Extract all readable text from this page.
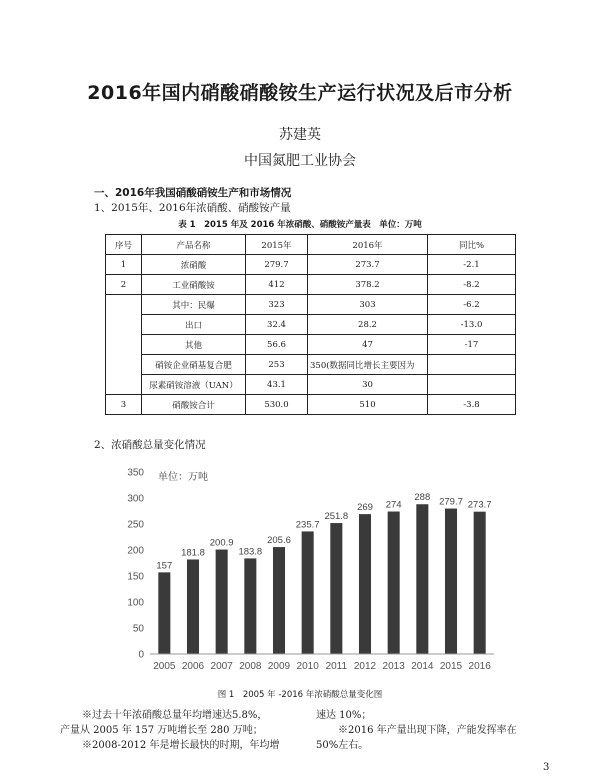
2016年国内硝酸硝酸铵生产运行状况及后市分析
苏建英
中国氮肥工业协会
一、2016年我国硝酸硝铵生产和市场情况
1、2015年、2016年浓硝酸、硝酸铵产量
表 1　2015 年及 2016 年浓硝酸、硝酸铵产量表　单位：万吨
序号	产品名称	2015年	2016年	同比%
1	浓硝酸	279.7	273.7	-2.1
2	工业硝酸铵	412	378.2	-8.2
	其中：民爆	323	303	-6.2
	出口	32.4	28.2	-13.0
	其他	56.6	47	-17
	硝铵企业硝基复合肥	253	350(数据同比增长主要因为	
	尿素硝铵溶液（UAN）	43.1	30	
3	硝酸铵合计	530.0	510	-3.8
2、浓硝酸总量变化情况
0
50
100
150
200
250
300
350
157
181.8
200.9
183.8
205.6
235.7
251.8
269 274
288 279.7 273.7
2005 2006 2007 2008 2009 2010 2011 2012 2013 2014 2015 2016
单位：万吨
图 1　2005 年 -2016 年浓硝酸总量变化图

※过去十年浓硝酸总量年均增速达5.8%，

产量从 2005 年 157 万吨增长至 280 万吨；

※2008-2012 年是增长最快的时期，年均增

速达 10%；

※2016 年产量出现下降，产能发挥率在

50%左右。

3
